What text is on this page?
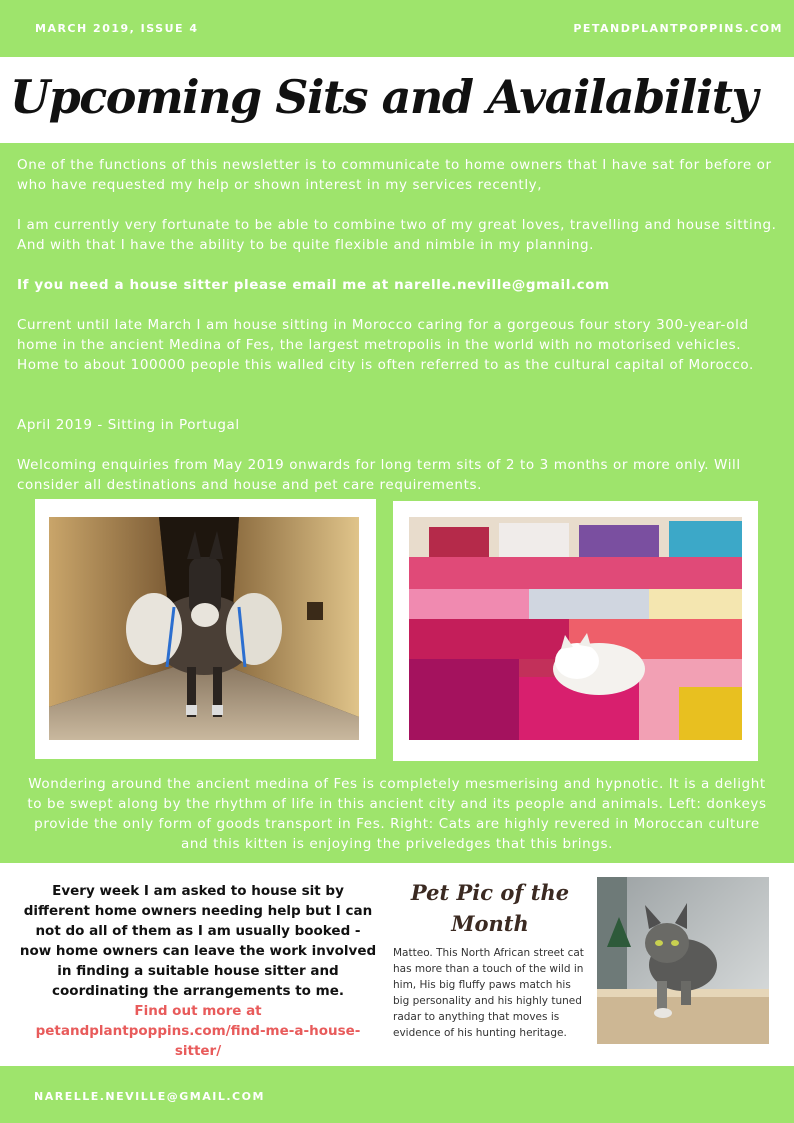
MARCH 2019, ISSUE 4	PETANDPLANTPOPPINS.COM
Upcoming Sits and Availability
One of the functions of this newsletter is to communicate to home owners that I have sat for before or who have requested my help or shown interest in my services recently,
I am currently very fortunate to be able to combine two of my great loves, travelling and house sitting. And with that I have the ability to be quite flexible and nimble in my planning.
If you need a house sitter please email me at narelle.neville@gmail.com
Current until late March I am house sitting in Morocco caring for a gorgeous four story 300-year-old home in the ancient Medina of Fes, the largest metropolis in the world with no motorised vehicles. Home to about 100000 people this walled city is often referred to as the cultural capital of Morocco.
April 2019 - Sitting in Portugal
Welcoming enquiries from May 2019 onwards for long term sits of 2 to 3 months or more only. Will consider all destinations and house and pet care requirements.
Wondering around the ancient medina of Fes is completely mesmerising and hypnotic. It is a delight to be swept along by the rhythm of life in this ancient city and its people and animals. Left: donkeys provide the only form of goods transport in Fes. Right: Cats are highly revered in Moroccan culture and this kitten is enjoying the priveledges that this brings.
Every week I am asked to house sit by different home owners needing help but I can not do all of them as I am usually booked - now home owners can leave the work involved in finding a suitable house sitter and coordinating the arrangements to me.
Find out more at petandplantpoppins.com/find-me-a-house-sitter/
Pet Pic of the Month
Matteo. This North African street cat has more than a touch of the wild in him, His big fluffy paws match his big personality and his highly tuned radar to anything that moves is evidence of his hunting heritage.
NARELLE.NEVILLE@GMAIL.COM
